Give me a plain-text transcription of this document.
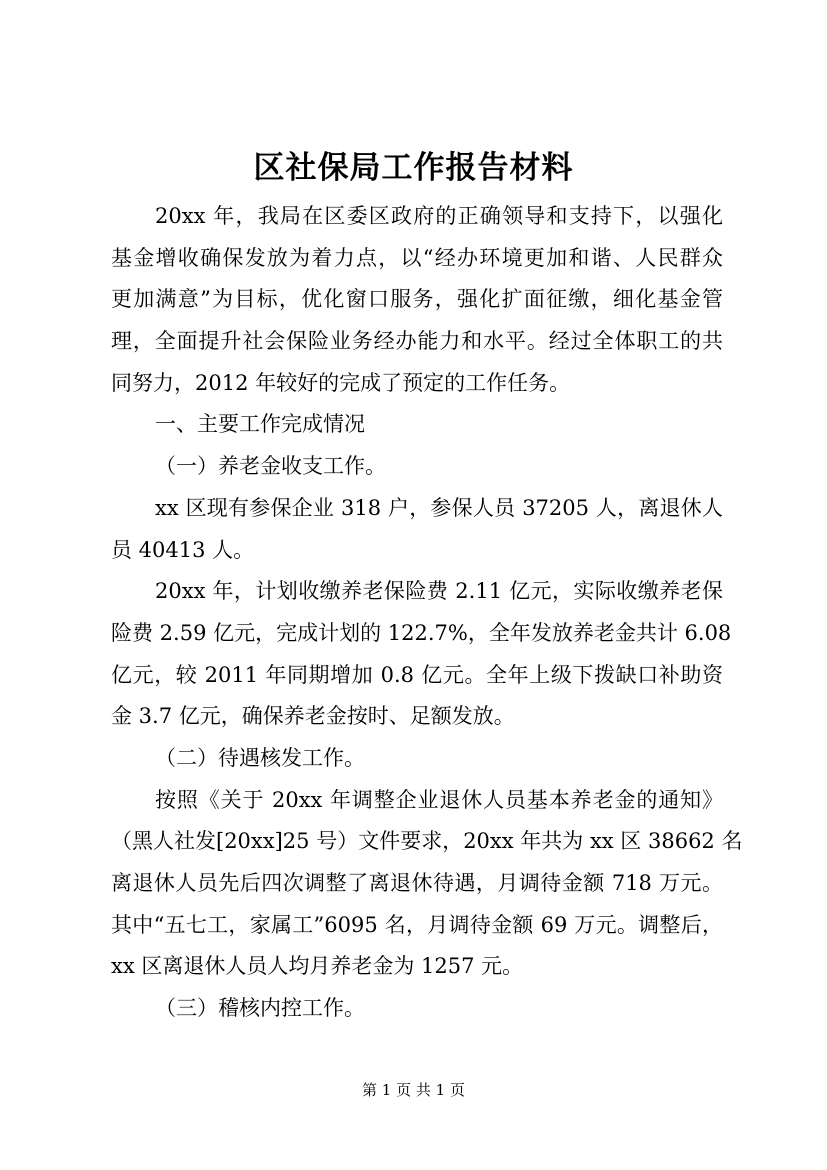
区社保局工作报告材料
20xx 年，我局在区委区政府的正确领导和支持下，以强化
基金增收确保发放为着力点，以“经办环境更加和谐、人民群众
更加满意”为目标，优化窗口服务，强化扩面征缴，细化基金管
理，全面提升社会保险业务经办能力和水平。经过全体职工的共
同努力，2012 年较好的完成了预定的工作任务。
一、主要工作完成情况
（一）养老金收支工作。
xx 区现有参保企业 318 户，参保人员 37205 人，离退休人
员 40413 人。
20xx 年，计划收缴养老保险费 2.11 亿元，实际收缴养老保
险费 2.59 亿元，完成计划的 122.7%，全年发放养老金共计 6.08
亿元，较 2011 年同期增加 0.8 亿元。全年上级下拨缺口补助资
金 3.7 亿元，确保养老金按时、足额发放。
（二）待遇核发工作。
按照《关于 20xx 年调整企业退休人员基本养老金的通知》
（黑人社发[20xx]25 号）文件要求，20xx 年共为 xx 区 38662 名
离退休人员先后四次调整了离退休待遇，月调待金额 718 万元。
其中“五七工，家属工”6095 名，月调待金额 69 万元。调整后，
xx 区离退休人员人均月养老金为 1257 元。
（三）稽核内控工作。
第 1 页 共 1 页
